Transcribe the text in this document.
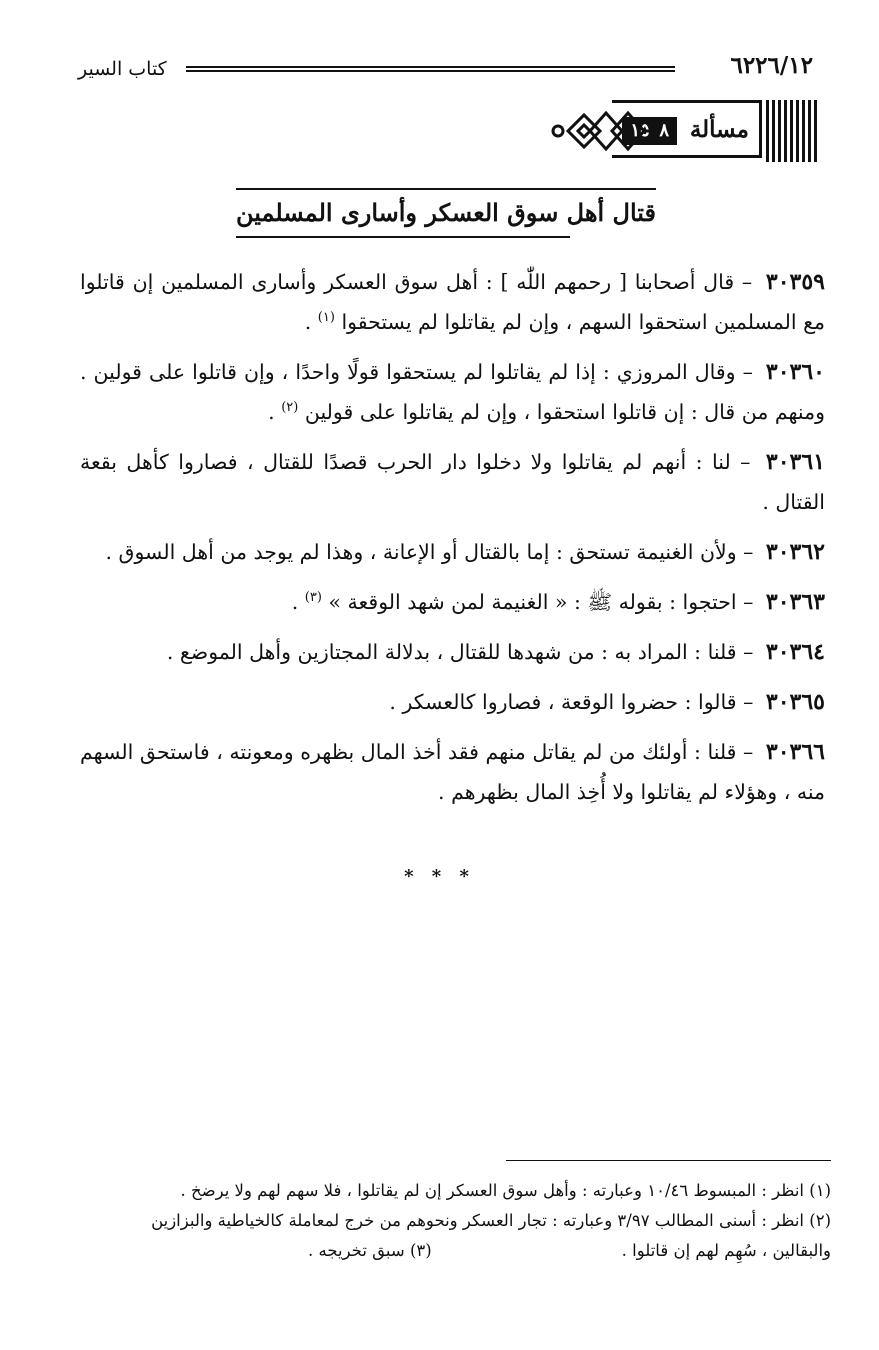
٦٢٢٦/١٢
كتاب السير
مسألة
١٥٠٨
قتال أهل سوق العسكر وأسارى المسلمين

٣٠٣٥٩ – قال أصحابنا [ رحمهم اللّٰه ] : أهل سوق العسكر وأسارى المسلمين إن قاتلوا مع المسلمين استحقوا السهم ، وإن لم يقاتلوا لم يستحقوا $^{(١)}$ .

٣٠٣٦٠ – وقال المروزي : إذا لم يقاتلوا لم يستحقوا قولًا واحدًا ، وإن قاتلوا على قولين . ومنهم من قال : إن قاتلوا استحقوا ، وإن لم يقاتلوا على قولين $^{(٢)}$ .

٣٠٣٦١ – لنا : أنهم لم يقاتلوا ولا دخلوا دار الحرب قصدًا للقتال ، فصاروا كأهل بقعة القتال .

٣٠٣٦٢ – ولأن الغنيمة تستحق : إما بالقتال أو الإعانة ، وهذا لم يوجد من أهل السوق .

٣٠٣٦٣ – احتجوا : بقوله ﷺ : « الغنيمة لمن شهد الوقعة » $^{(٣)}$ .

٣٠٣٦٤ – قلنا : المراد به : من شهدها للقتال ، بدلالة المجتازين وأهل الموضع .

٣٠٣٦٥ – قالوا : حضروا الوقعة ، فصاروا كالعسكر .

٣٠٣٦٦ – قلنا : أولئك من لم يقاتل منهم فقد أخذ المال بظهره ومعونته ، فاستحق السهم منه ، وهؤلاء لم يقاتلوا ولا أُخِذ المال بظهرهم .

* * *
(١) انظر : المبسوط ١٠/٤٦ وعبارته : وأهل سوق العسكر إن لم يقاتلوا ، فلا سهم لهم ولا يرضخ .
(٢) انظر : أسنى المطالب ٣/٩٧ وعبارته : تجار العسكر ونحوهم من خرج لمعاملة كالخياطية والبزازين
والبقالين ، سُهِم لهم إن قاتلوا .
(٣) سبق تخريجه .
